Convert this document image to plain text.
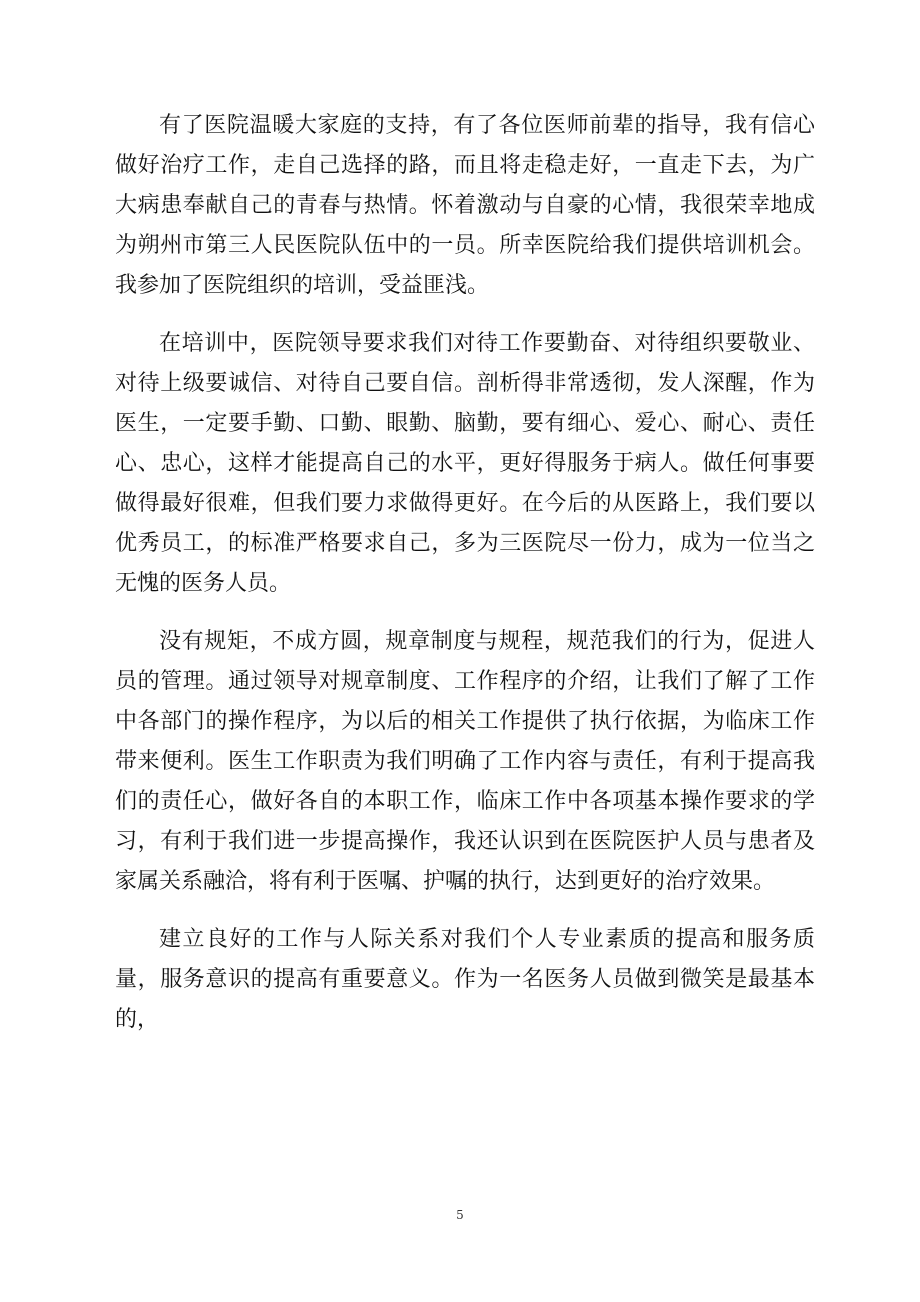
有了医院温暖大家庭的支持，有了各位医师前辈的指导，我有信心做好治疗工作，走自己选择的路，而且将走稳走好，一直走下去，为广大病患奉献自己的青春与热情。怀着激动与自豪的心情，我很荣幸地成为朔州市第三人民医院队伍中的一员。所幸医院给我们提供培训机会。我参加了医院组织的培训，受益匪浅。

在培训中，医院领导要求我们对待工作要勤奋、对待组织要敬业、对待上级要诚信、对待自己要自信。剖析得非常透彻，发人深醒，作为医生，一定要手勤、口勤、眼勤、脑勤，要有细心、爱心、耐心、责任心、忠心，这样才能提高自己的水平，更好得服务于病人。做任何事要做得最好很难，但我们要力求做得更好。在今后的从医路上，我们要以优秀员工，的标准严格要求自己，多为三医院尽一份力，成为一位当之无愧的医务人员。

没有规矩，不成方圆，规章制度与规程，规范我们的行为，促进人员的管理。通过领导对规章制度、工作程序的介绍，让我们了解了工作中各部门的操作程序，为以后的相关工作提供了执行依据，为临床工作带来便利。医生工作职责为我们明确了工作内容与责任，有利于提高我们的责任心，做好各自的本职工作，临床工作中各项基本操作要求的学习，有利于我们进一步提高操作，我还认识到在医院医护人员与患者及家属关系融洽，将有利于医嘱、护嘱的执行，达到更好的治疗效果。

建立良好的工作与人际关系对我们个人专业素质的提高和服务质量，服务意识的提高有重要意义。作为一名医务人员做到微笑是最基本的，

5
